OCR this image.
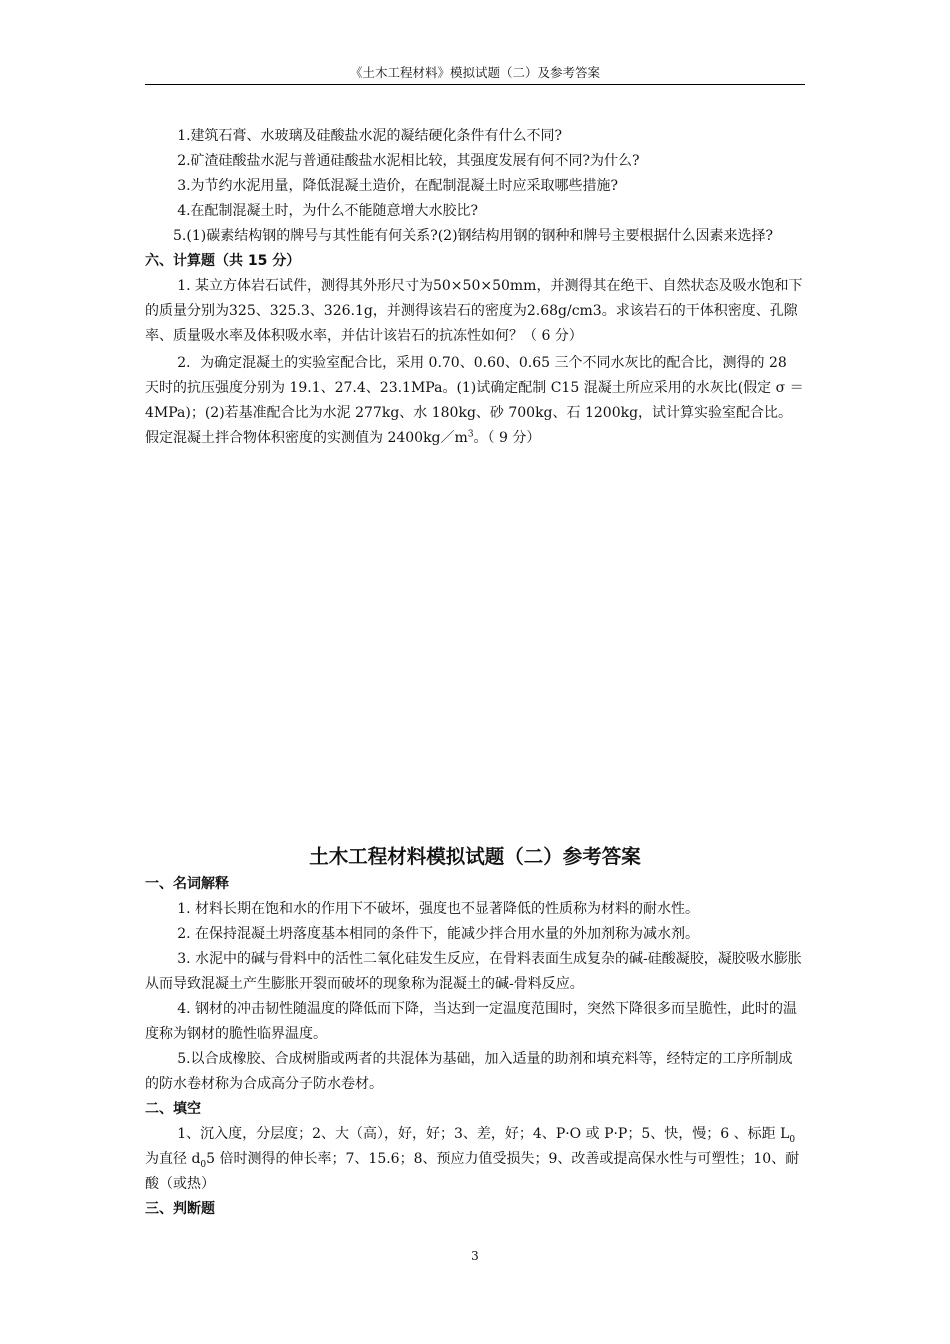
《土木工程材料》模拟试题（二）及参考答案

1.建筑石膏、水玻璃及硅酸盐水泥的凝结硬化条件有什么不同?

2.矿渣硅酸盐水泥与普通硅酸盐水泥相比较，其强度发展有何不同?为什么?

3.为节约水泥用量，降低混凝土造价，在配制混凝土时应采取哪些措施?

4.在配制混凝土时，为什么不能随意增大水胶比?

5.(1)碳素结构钢的牌号与其性能有何关系?(2)钢结构用钢的钢种和牌号主要根据什么因素来选择?

六、计算题（共 15 分）

1. 某立方体岩石试件，测得其外形尺寸为50×50×50mm，并测得其在绝干、自然状态及吸水饱和下的质量分别为325、325.3、326.1g，并测得该岩石的密度为2.68g/cm3。求该岩石的干体积密度、孔隙率、质量吸水率及体积吸水率，并估计该岩石的抗冻性如何？（ 6 分）

2．为确定混凝土的实验室配合比，采用 0.70、0.60、0.65 三个不同水灰比的配合比，测得的 28 天时的抗压强度分别为 19.1、27.4、23.1MPa。(1)试确定配制 C15 混凝土所应采用的水灰比(假定 σ ＝4MPa)；(2)若基准配合比为水泥 277kg、水 180kg、砂 700kg、石 1200kg，试计算实验室配合比。假定混凝土拌合物体积密度的实测值为 $2400kg/m^3$。（ 9 分）

土木工程材料模拟试题（二）参考答案
一、名词解释

1. 材料长期在饱和水的作用下不破坏，强度也不显著降低的性质称为材料的耐水性。

2. 在保持混凝土坍落度基本相同的条件下，能减少拌合用水量的外加剂称为减水剂。

3. 水泥中的碱与骨料中的活性二氧化硅发生反应，在骨料表面生成复杂的碱-硅酸凝胶，凝胶吸水膨胀从而导致混凝土产生膨胀开裂而破坏的现象称为混凝土的碱-骨料反应。

4. 钢材的冲击韧性随温度的降低而下降，当达到一定温度范围时，突然下降很多而呈脆性，此时的温度称为钢材的脆性临界温度。

5.以合成橡胶、合成树脂或两者的共混体为基础，加入适量的助剂和填充料等，经特定的工序所制成的防水卷材称为合成高分子防水卷材。

二、填空

1、沉入度，分层度；2、大（高），好，好；3、差，好；4、P·O 或 P·P；5、快，慢；6 、标距 $L_0$为直径 $d_05$ 倍时测得的伸长率；7、15.6；8、预应力值受损失；9、改善或提高保水性与可塑性；10、耐酸（或热）

三、判断题
3
